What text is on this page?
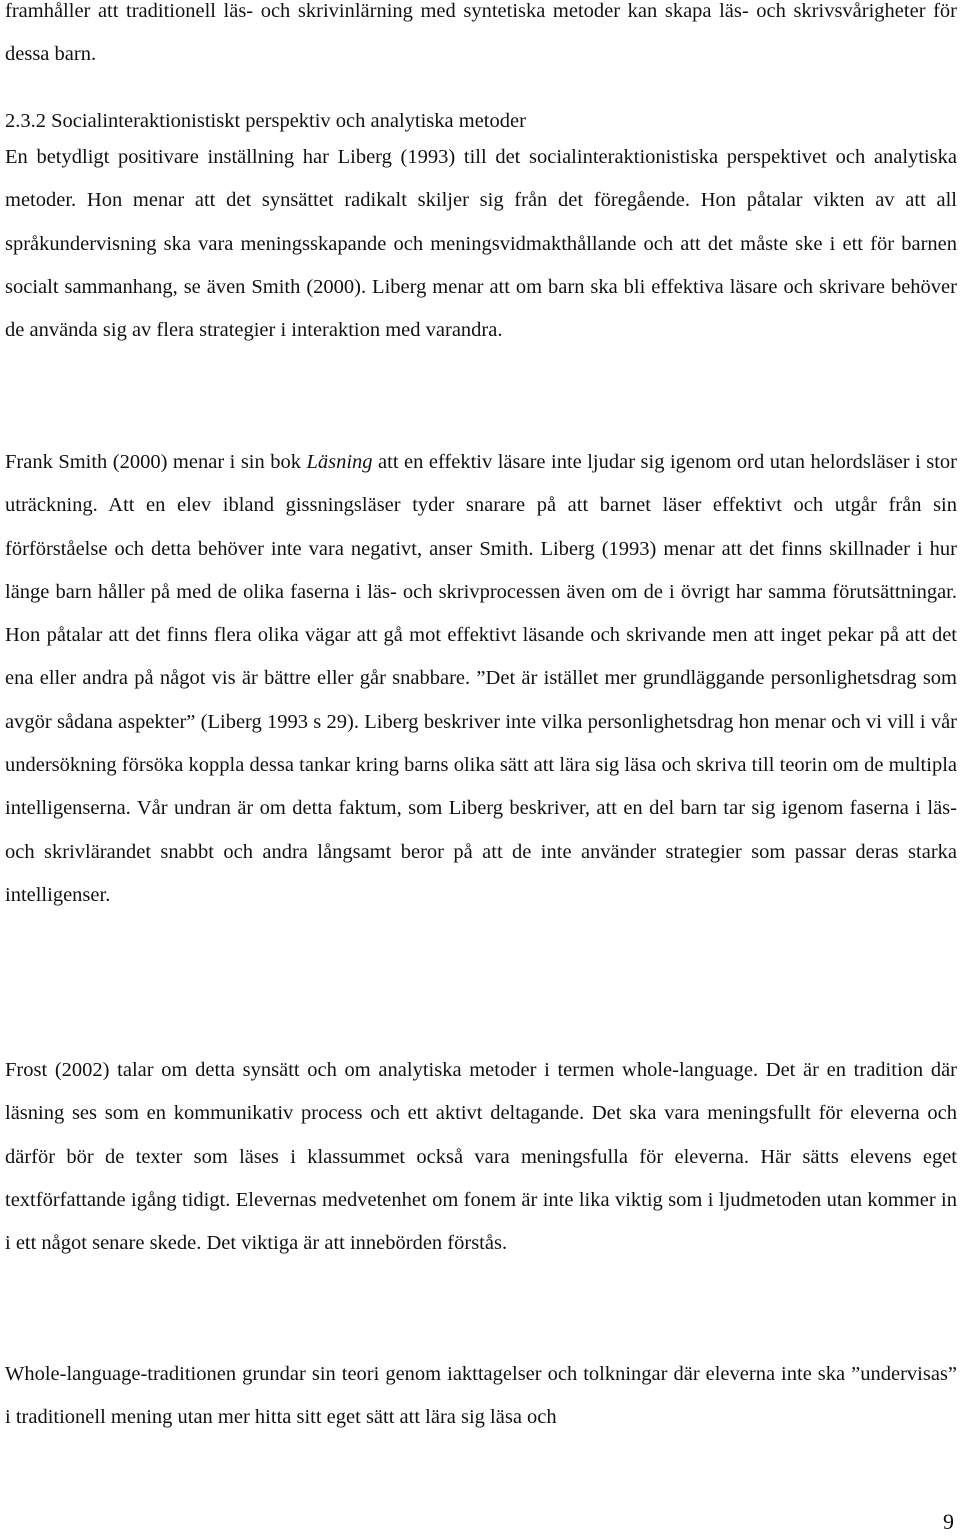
framhåller att traditionell läs- och skrivinlärning med syntetiska metoder kan skapa läs- och skrivsvårigheter för dessa barn.

2.3.2 Socialinteraktionistiskt perspektiv och analytiska metoder

En betydligt positivare inställning har Liberg (1993) till det socialinteraktionistiska perspektivet och analytiska metoder. Hon menar att det synsättet radikalt skiljer sig från det föregående. Hon påtalar vikten av att all språkundervisning ska vara meningsskapande och meningsvidmakthållande och att det måste ske i ett för barnen socialt sammanhang, se även Smith (2000). Liberg menar att om barn ska bli effektiva läsare och skrivare behöver de använda sig av flera strategier i interaktion med varandra.

Frank Smith (2000) menar i sin bok Läsning att en effektiv läsare inte ljudar sig igenom ord utan helordsläser i stor uträckning. Att en elev ibland gissningsläser tyder snarare på att barnet läser effektivt och utgår från sin förförståelse och detta behöver inte vara negativt, anser Smith. Liberg (1993) menar att det finns skillnader i hur länge barn håller på med de olika faserna i läs- och skrivprocessen även om de i övrigt har samma förutsättningar. Hon påtalar att det finns flera olika vägar att gå mot effektivt läsande och skrivande men att inget pekar på att det ena eller andra på något vis är bättre eller går snabbare. ”Det är istället mer grundläggande personlighetsdrag som avgör sådana aspekter” (Liberg 1993 s 29). Liberg beskriver inte vilka personlighetsdrag hon menar och vi vill i vår undersökning försöka koppla dessa tankar kring barns olika sätt att lära sig läsa och skriva till teorin om de multipla intelligenserna. Vår undran är om detta faktum, som Liberg beskriver, att en del barn tar sig igenom faserna i läs- och skrivlärandet snabbt och andra långsamt beror på att de inte använder strategier som passar deras starka intelligenser.

Frost (2002) talar om detta synsätt och om analytiska metoder i termen whole-language. Det är en tradition där läsning ses som en kommunikativ process och ett aktivt deltagande. Det ska vara meningsfullt för eleverna och därför bör de texter som läses i klassummet också vara meningsfulla för eleverna. Här sätts elevens eget textförfattande igång tidigt. Elevernas medvetenhet om fonem är inte lika viktig som i ljudmetoden utan kommer in i ett något senare skede. Det viktiga är att innebörden förstås.

Whole-language-traditionen grundar sin teori genom iakttagelser och tolkningar där eleverna inte ska ”undervisas” i traditionell mening utan mer hitta sitt eget sätt att lära sig läsa och

9
